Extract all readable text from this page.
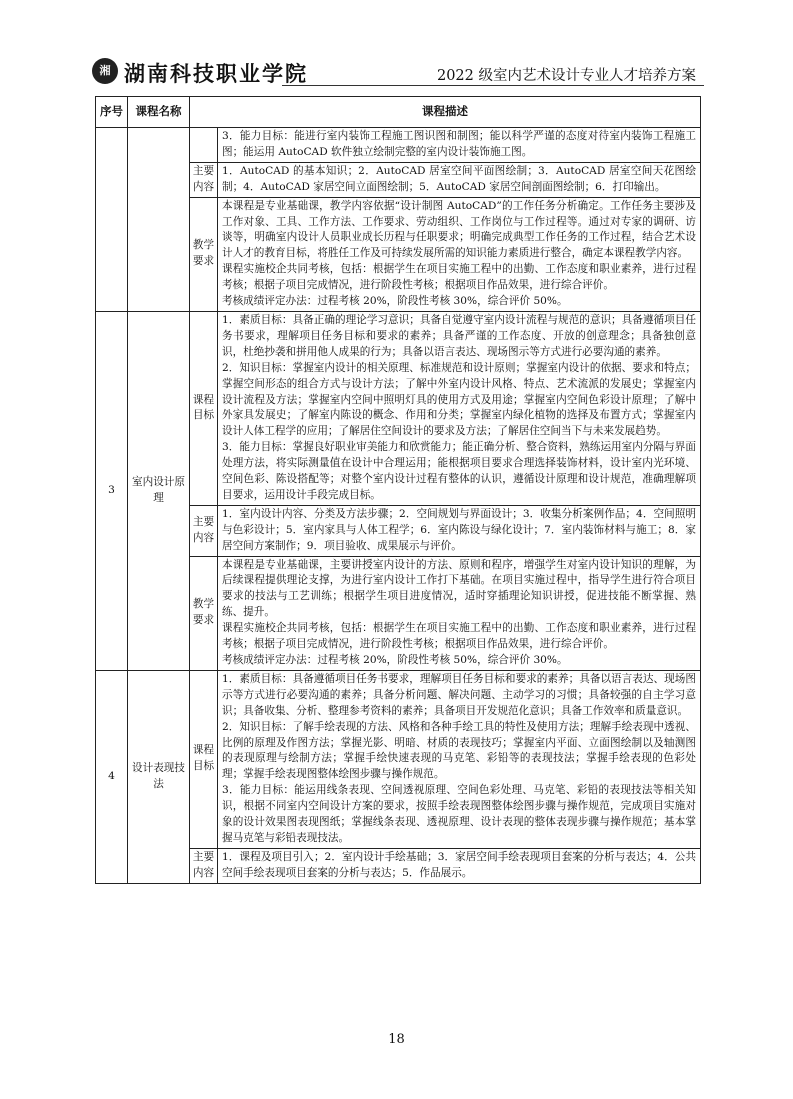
湘 湖南科技职业学院	2022 级室内艺术设计专业人才培养方案
序号	课程名称	课程描述	

			3．能力目标：能进行室内装饰工程施工图识图和制图；能以科学严谨的态度对待室内装饰工程施工图；能运用 AutoCAD 软件独立绘制完整的室内设计装饰施工图。

		主要内容	1．AutoCAD 的基本知识；2．AutoCAD 居室空间平面图绘制；3．AutoCAD 居室空间天花图绘制；4．AutoCAD 家居空间立面图绘制；5．AutoCAD 家居空间剖面图绘制；6．打印输出。

		教学要求	本课程是专业基础课，教学内容依据“设计制图 AutoCAD”的工作任务分析确定。工作任务主要涉及工作对象、工具、工作方法、工作要求、劳动组织、工作岗位与工作过程等。通过对专家的调研、访谈等，明确室内设计人员职业成长历程与任职要求；明确完成典型工作任务的工作过程，结合艺术设计人才的教育目标，将胜任工作及可持续发展所需的知识能力素质进行整合，确定本课程教学内容。

课程实施校企共同考核，包括：根据学生在项目实施工程中的出勤、工作态度和职业素养，进行过程考核；根据子项目完成情况，进行阶段性考核；根据项目作品效果，进行综合评价。

考核成绩评定办法：过程考核 20%，阶段性考核 30%，综合评价 50%。

3	室内设计原理	课程目标	1．素质目标：具备正确的理论学习意识；具备自觉遵守室内设计流程与规范的意识；具备遵循项目任务书要求，理解项目任务目标和要求的素养；具备严谨的工作态度、开放的创意理念；具备独创意识，杜绝抄袭和拼用他人成果的行为；具备以语言表达、现场图示等方式进行必要沟通的素养。

2．知识目标：掌握室内设计的相关原理、标准规范和设计原则；掌握室内设计的依据、要求和特点；掌握空间形态的组合方式与设计方法；了解中外室内设计风格、特点、艺术流派的发展史；掌握室内设计流程及方法；掌握室内空间中照明灯具的使用方式及用途；掌握室内空间色彩设计原理；了解中外家具发展史；了解室内陈设的概念、作用和分类；掌握室内绿化植物的选择及布置方式；掌握室内设计人体工程学的应用；了解居住空间设计的要求及方法；了解居住空间当下与未来发展趋势。

3．能力目标：掌握良好职业审美能力和欣赏能力；能正确分析、整合资料，熟练运用室内分隔与界面处理方法，将实际测量值在设计中合理运用；能根据项目要求合理选择装饰材料，设计室内光环境、空间色彩、陈设搭配等；对整个室内设计过程有整体的认识，遵循设计原理和设计规范，准确理解项目要求，运用设计手段完成目标。

		主要内容	1．室内设计内容、分类及方法步骤；2．空间规划与界面设计；3．收集分析案例作品；4．空间照明与色彩设计；5．室内家具与人体工程学；6．室内陈设与绿化设计；7．室内装饰材料与施工；8．家居空间方案制作；9．项目验收、成果展示与评价。

		教学要求	本课程是专业基础课，主要讲授室内设计的方法、原则和程序，增强学生对室内设计知识的理解，为后续课程提供理论支撑，为进行室内设计工作打下基础。在项目实施过程中，指导学生进行符合项目要求的技法与工艺训练；根据学生项目进度情况，适时穿插理论知识讲授，促进技能不断掌握、熟练、提升。

课程实施校企共同考核，包括：根据学生在项目实施工程中的出勤、工作态度和职业素养，进行过程考核；根据子项目完成情况，进行阶段性考核；根据项目作品效果，进行综合评价。

考核成绩评定办法：过程考核 20%，阶段性考核 50%，综合评价 30%。

4	设计表现技法	课程目标	1．素质目标：具备遵循项目任务书要求，理解项目任务目标和要求的素养；具备以语言表达、现场图示等方式进行必要沟通的素养；具备分析问题、解决问题、主动学习的习惯；具备较强的自主学习意识；具备收集、分析、整理参考资料的素养；具备项目开发规范化意识；具备工作效率和质量意识。

2．知识目标：了解手绘表现的方法、风格和各种手绘工具的特性及使用方法；理解手绘表现中透视、比例的原理及作图方法；掌握光影、明暗、材质的表现技巧；掌握室内平面、立面图绘制以及轴测图的表现原理与绘制方法；掌握手绘快速表现的马克笔、彩铅等的表现技法；掌握手绘表现的色彩处理；掌握手绘表现图整体绘图步骤与操作规范。

3．能力目标：能运用线条表现、空间透视原理、空间色彩处理、马克笔、彩铅的表现技法等相关知识，根据不同室内空间设计方案的要求，按照手绘表现图整体绘图步骤与操作规范，完成项目实施对象的设计效果图表现图纸；掌握线条表现、透视原理、设计表现的整体表现步骤与操作规范；基本掌握马克笔与彩铅表现技法。

		主要内容	1．课程及项目引入；2．室内设计手绘基础；3．家居空间手绘表现项目套案的分析与表达；4．公共空间手绘表现项目套案的分析与表达；5．作品展示。

18
